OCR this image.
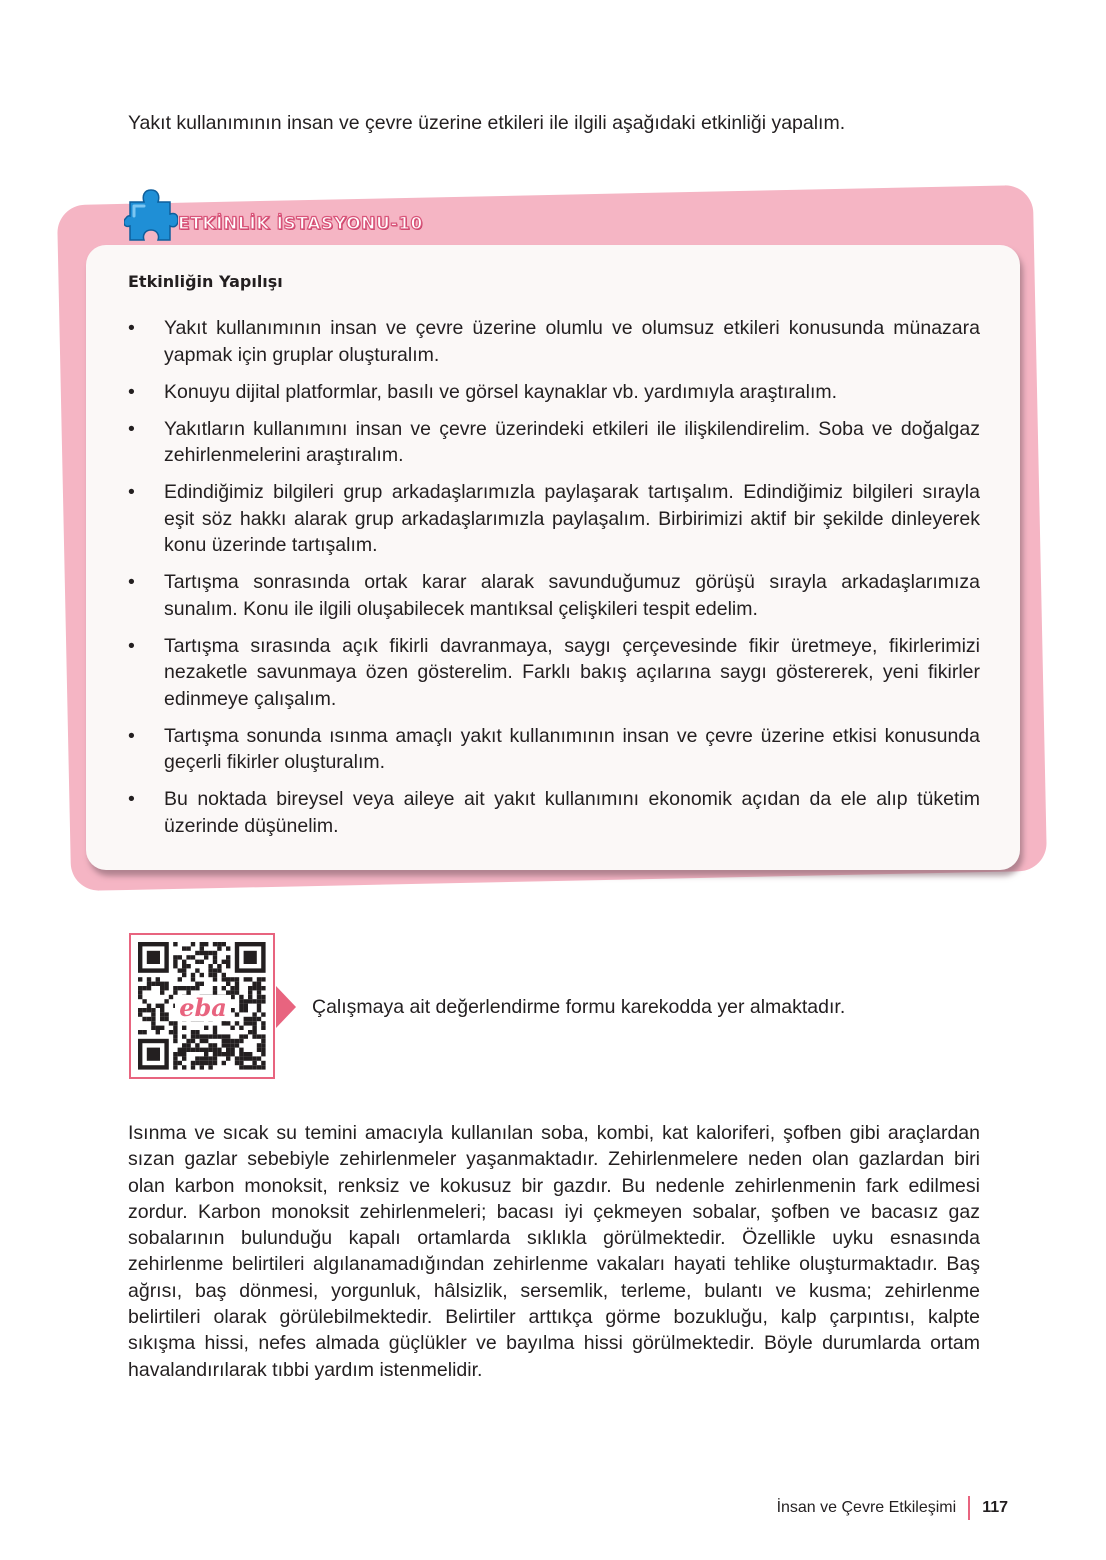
Yakıt kullanımının insan ve çevre üzerine etkileri ile ilgili aşağıdaki etkinliği yapalım.

ETKİNLİK İSTASYONU-10
Etkinliğin Yapılışı
• Yakıt kullanımının insan ve çevre üzerine olumlu ve olumsuz etkileri konusunda münazara yapmak için gruplar oluşturalım.
• Konuyu dijital platformlar, basılı ve görsel kaynaklar vb. yardımıyla araştıralım.
• Yakıtların kullanımını insan ve çevre üzerindeki etkileri ile ilişkilendirelim. Soba ve doğalgaz zehirlenmelerini araştıralım.
• Edindiğimiz bilgileri grup arkadaşlarımızla paylaşarak tartışalım. Edindiğimiz bilgileri sırayla eşit söz hakkı alarak grup arkadaşlarımızla paylaşalım. Birbirimizi aktif bir şekilde dinleyerek konu üzerinde tartışalım.
• Tartışma sonrasında ortak karar alarak savunduğumuz görüşü sırayla arkadaşlarımıza sunalım. Konu ile ilgili oluşabilecek mantıksal çelişkileri tespit edelim.
• Tartışma sırasında açık fikirli davranmaya, saygı çerçevesinde fikir üretmeye, fikirlerimizi nezaketle savunmaya özen gösterelim. Farklı bakış açılarına saygı göstererek, yeni fikirler edinmeye çalışalım.
• Tartışma sonunda ısınma amaçlı yakıt kullanımının insan ve çevre üzerine etkisi konusunda geçerli fikirler oluşturalım.
• Bu noktada bireysel veya aileye ait yakıt kullanımını ekonomik açıdan da ele alıp tüketim üzerinde düşünelim.
eba	Çalışmaya ait değerlendirme formu karekodda yer almaktadır.

Isınma ve sıcak su temini amacıyla kullanılan soba, kombi, kat kaloriferi, şofben gibi araçlardan sızan gazlar sebebiyle zehirlenmeler yaşanmaktadır. Zehirlenmelere neden olan gazlardan biri olan karbon monoksit, renksiz ve kokusuz bir gazdır. Bu nedenle zehirlenmenin fark edilmesi zordur. Karbon monoksit zehirlenmeleri; bacası iyi çekmeyen sobalar, şofben ve bacasız gaz sobalarının bulunduğu kapalı ortamlarda sıklıkla görülmektedir. Özellikle uyku esnasında zehirlenme belirtileri algılanamadığından zehirlenme vakaları hayati tehlike oluşturmaktadır. Baş ağrısı, baş dönmesi, yorgunluk, hâlsizlik, sersemlik, terleme, bulantı ve kusma; zehirlenme belirtileri olarak görülebilmektedir. Belirtiler arttıkça görme bozukluğu, kalp çarpıntısı, kalpte sıkışma hissi, nefes almada güçlükler ve bayılma hissi görülmektedir. Böyle durumlarda ortam havalandırılarak tıbbi yardım istenmelidir.

İnsan ve Çevre Etkileşimi 117
